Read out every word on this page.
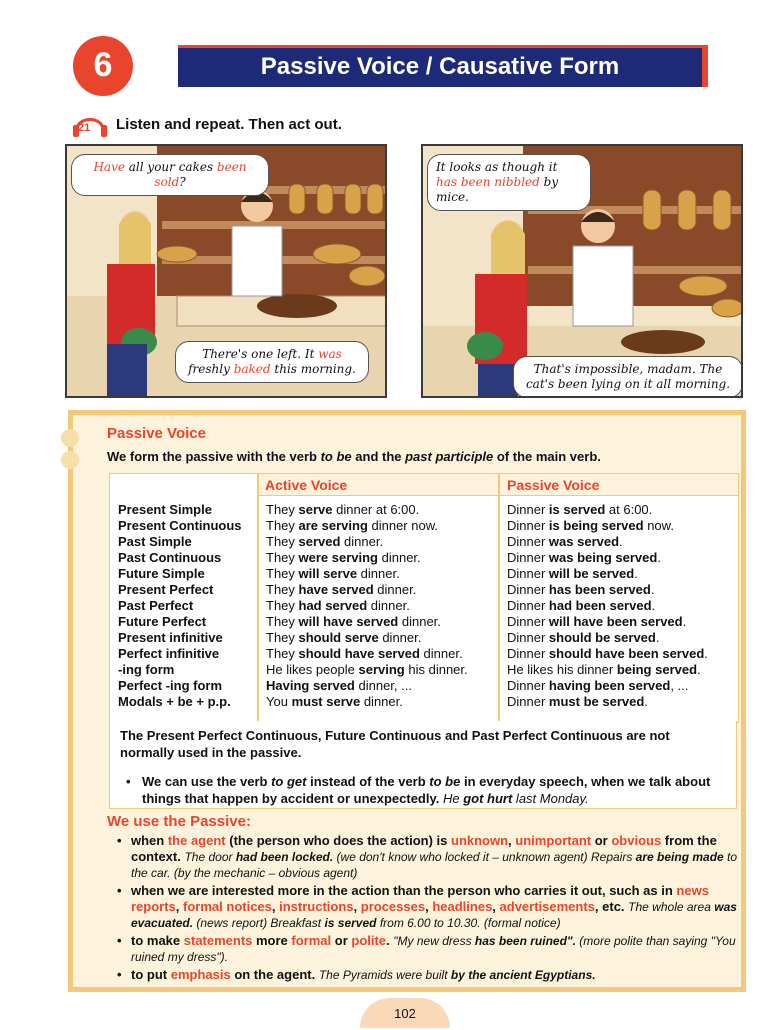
6	Passive Voice / Causative Form
21 Listen and repeat. Then act out.
Have all your cakes been sold?
There's one left. It was freshly baked this morning.
It looks as though it has been nibbled by mice.
That's impossible, madam. The cat's been lying on it all morning.
Passive Voice
We form the passive with the verb to be and the past participle of the main verb.
Active Voice	Passive Voice
Present Simple
Present Continuous
Past Simple
Past Continuous
Future Simple
Present Perfect
Past Perfect
Future Perfect
Present infinitive
Perfect infinitive
-ing form
Perfect -ing form
Modals + be + p.p.
They serve dinner at 6:00.
They are serving dinner now.
They served dinner.
They were serving dinner.
They will serve dinner.
They have served dinner.
They had served dinner.
They will have served dinner.
They should serve dinner.
They should have served dinner.
He likes people serving his dinner.
Having served dinner, ...
You must serve dinner.
Dinner is served at 6:00.
Dinner is being served now.
Dinner was served.
Dinner was being served.
Dinner will be served.
Dinner has been served.
Dinner had been served.
Dinner will have been served.
Dinner should be served.
Dinner should have been served.
He likes his dinner being served.
Dinner having been served, ...
Dinner must be served.
The Present Perfect Continuous, Future Continuous and Past Perfect Continuous are not normally used in the passive.
• We can use the verb to get instead of the verb to be in everyday speech, when we talk about things that happen by accident or unexpectedly. He got hurt last Monday.
We use the Passive:
• when the agent (the person who does the action) is unknown, unimportant or obvious from the context. The door had been locked. (we don't know who locked it – unknown agent) Repairs are being made to the car. (by the mechanic – obvious agent)
• when we are interested more in the action than the person who carries it out, such as in news reports, formal notices, instructions, processes, headlines, advertisements, etc. The whole area was evacuated. (news report) Breakfast is served from 6.00 to 10.30. (formal notice)
• to make statements more formal or polite. "My new dress has been ruined". (more polite than saying "You ruined my dress").
• to put emphasis on the agent. The Pyramids were built by the ancient Egyptians.
102
